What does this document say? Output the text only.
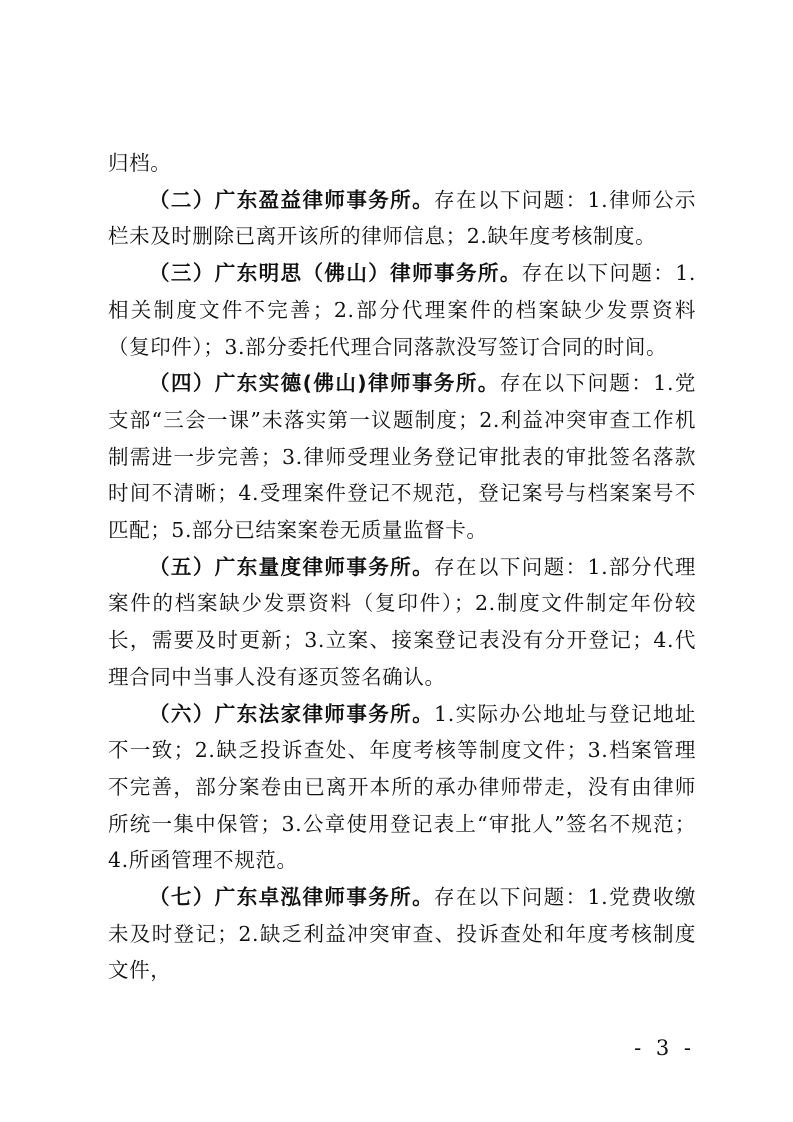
归档。

（二）广东盈益律师事务所。存在以下问题：1.律师公示栏未及时删除已离开该所的律师信息；2.缺年度考核制度。

（三）广东明思（佛山）律师事务所。存在以下问题：1.相关制度文件不完善；2.部分代理案件的档案缺少发票资料（复印件）；3.部分委托代理合同落款没写签订合同的时间。

（四）广东实德(佛山)律师事务所。存在以下问题：1.党支部“三会一课”未落实第一议题制度；2.利益冲突审查工作机制需进一步完善；3.律师受理业务登记审批表的审批签名落款时间不清晰；4.受理案件登记不规范，登记案号与档案案号不匹配；5.部分已结案案卷无质量监督卡。

（五）广东量度律师事务所。存在以下问题：1.部分代理案件的档案缺少发票资料（复印件）；2.制度文件制定年份较长，需要及时更新；3.立案、接案登记表没有分开登记；4.代理合同中当事人没有逐页签名确认。

（六）广东法家律师事务所。1.实际办公地址与登记地址不一致；2.缺乏投诉查处、年度考核等制度文件；3.档案管理不完善，部分案卷由已离开本所的承办律师带走，没有由律师所统一集中保管；3.公章使用登记表上“审批人”签名不规范；4.所函管理不规范。

（七）广东卓泓律师事务所。存在以下问题：1.党费收缴未及时登记；2.缺乏利益冲突审查、投诉查处和年度考核制度文件，

- 3 -
